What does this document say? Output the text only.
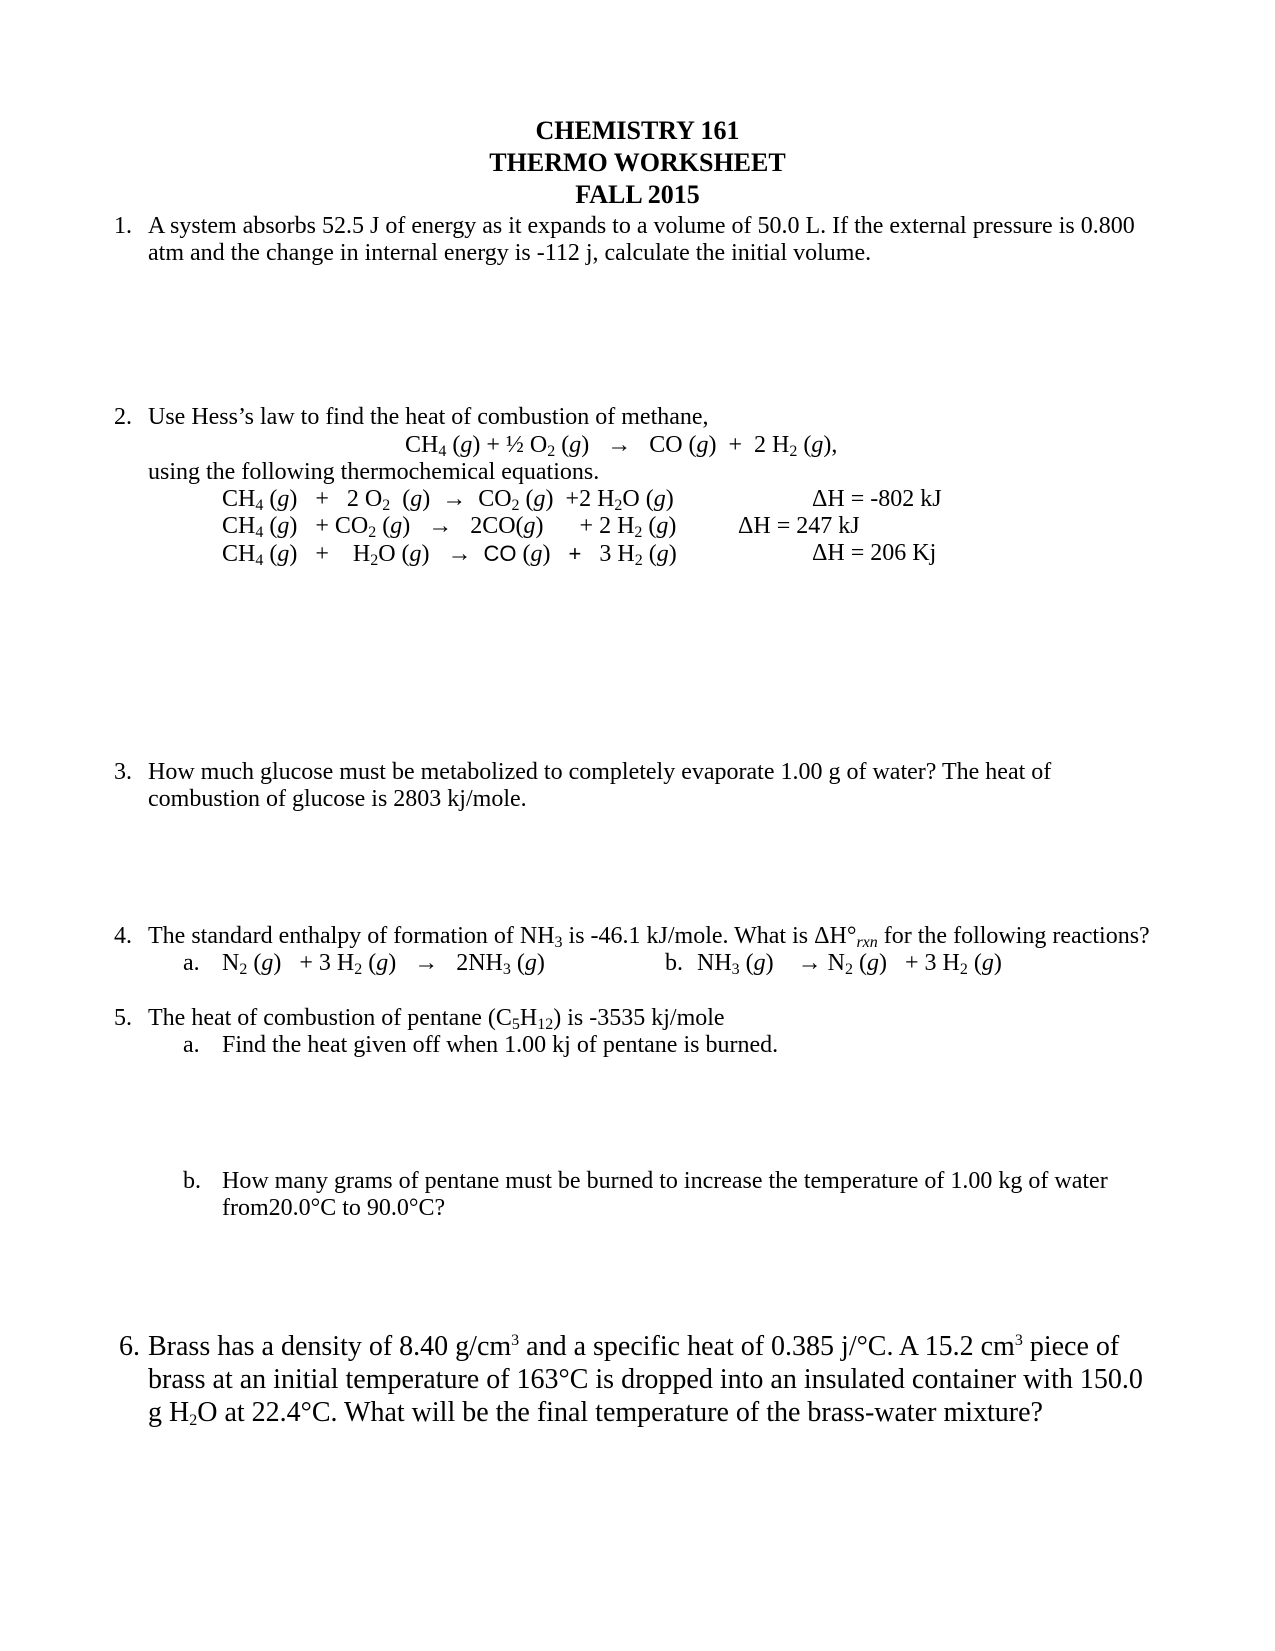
CHEMISTRY 161
THERMO WORKSHEET
FALL 2015
1. A system absorbs 52.5 J of energy as it expands to a volume of 50.0 L. If the external pressure is 0.800
atm and the change in internal energy is -112 j, calculate the initial volume.
2. Use Hess’s law to find the heat of combustion of methane,
$CH_4$ (g) + ½ $O_2$ (g)   →   CO (g)  +  2 $H_2$ (g),
using the following thermochemical equations.
$CH_4$ (g)   +   2 $O_2$  $(g) \to CO_2$ (g)  +2 $H_2O$ (g)	ΔH = -802 kJ
$CH_4$ $(g) + CO_2$ (g)   →   2CO(g)      + 2 $H_2$ (g)	ΔH = 247 kJ
$CH_4$ (g)   +    $H_2O$ (g)   →  CO (g)   +   3 $H_2$ (g)	ΔH = 206 Kj
3. How much glucose must be metabolized to completely evaporate 1.00 g of water? The heat of
combustion of glucose is 2803 kj/mole.
4. The standard enthalpy of formation of $NH_3$ is -46.1 kJ/mole. What is $\Delta H^\circ_{rxn}$ for the following reactions?
a. $N_2$ (g)   + 3 $H_2$ $(g) \to 2NH_3$ (g)	b. $NH_3$ (g)    → $N_2$ (g)   + 3 $H_2$ (g)
5. The heat of combustion of pentane $(C_5H_{12})$ is -3535 kj/mole
a. Find the heat given off when 1.00 kj of pentane is burned.
b. How many grams of pentane must be burned to increase the temperature of 1.00 kg of water
from20.0°C to 90.0°C?
6. Brass has a density of 8.40 $g/cm^3$ and a specific heat of 0.385 j/°C. A 15.2 $cm^3$ piece of
brass at an initial temperature of 163°C is dropped into an insulated container with 150.0
g $H_2O$ at 22.4°C. What will be the final temperature of the brass-water mixture?
